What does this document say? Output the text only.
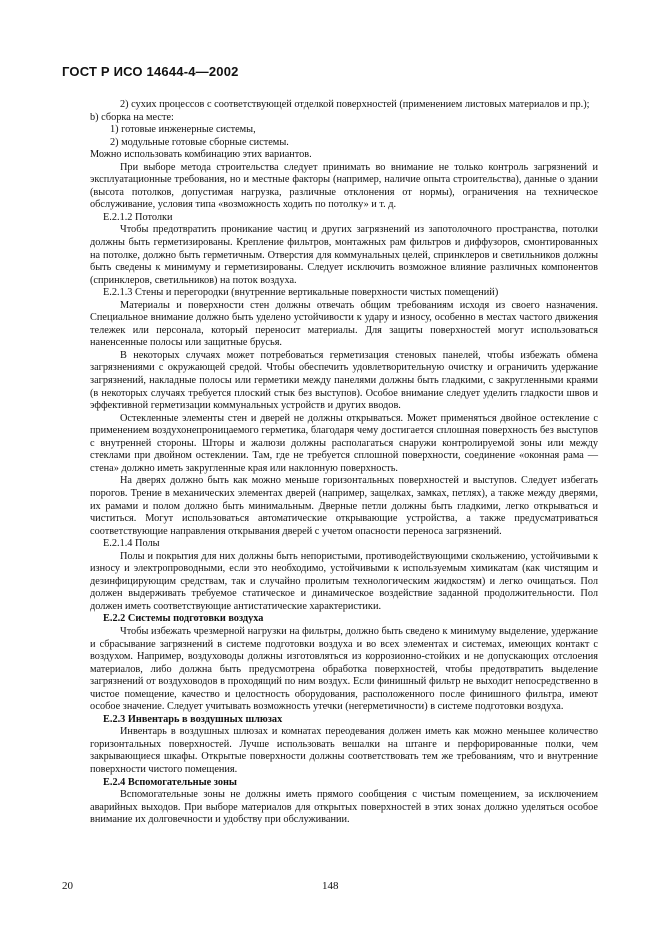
ГОСТ Р ИСО 14644-4—2002

2) сухих процессов с соответствующей отделкой поверхностей (применением листовых материалов и пр.);

b) сборка на месте:

1) готовые инженерные системы,

2) модульные готовые сборные системы.

Можно использовать комбинацию этих вариантов.

При выборе метода строительства следует принимать во внимание не только контроль загрязнений и эксплуатационные требования, но и местные факторы (например, наличие опыта строительства), данные о здании (высота потолков, допустимая нагрузка, различные отклонения от нормы), ограничения на техническое обслуживание, условия типа «возможность ходить по потолку» и т. д.

Е.2.1.2 Потолки

Чтобы предотвратить проникание частиц и других загрязнений из запотолочного пространства, потолки должны быть герметизированы. Крепление фильтров, монтажных рам фильтров и диффузоров, смонтированных на потолке, должно быть герметичным. Отверстия для коммунальных целей, спринклеров и светильников должны быть сведены к минимуму и герметизированы. Следует исключить возможное влияние различных компонентов (спринклеров, светильников) на поток воздуха.

Е.2.1.3 Стены и перегородки (внутренние вертикальные поверхности чистых помещений)

Материалы и поверхности стен должны отвечать общим требованиям исходя из своего назначения. Специальное внимание должно быть уделено устойчивости к удару и износу, особенно в местах частого движения тележек или персонала, который переносит материалы. Для защиты поверхностей могут использоваться наненсенные полосы или защитные брусья.

В некоторых случаях может потребоваться герметизация стеновых панелей, чтобы избежать обмена загрязнениями с окружающей средой. Чтобы обеспечить удовлетворительную очистку и ограничить удержание загрязнений, накладные полосы или герметики между панелями должны быть гладкими, с закругленными краями (в некоторых случаях требуется плоский стык без выступов). Особое внимание следует уделить гладкости швов и эффективной герметизации коммунальных устройств и других вводов.

Остекленные элементы стен и дверей не должны открываться. Может применяться двойное остекление с применением воздухонепроницаемого герметика, благодаря чему достигается сплошная поверхность без выступов с внутренней стороны. Шторы и жалюзи должны располагаться снаружи контролируемой зоны или между стеклами при двойном остеклении. Там, где не требуется сплошной поверхности, соединение «оконная рама — стена» должно иметь закругленные края или наклонную поверхность.

На дверях должно быть как можно меньше горизонтальных поверхностей и выступов. Следует избегать порогов. Трение в механических элементах дверей (например, защелках, замках, петлях), а также между дверями, их рамами и полом должно быть минимальным. Дверные петли должны быть гладкими, легко открываться и чиститься. Могут использоваться автоматические открывающие устройства, а также предусматриваться соответствующие направления открывания дверей с учетом опасности переноса загрязнений.

Е.2.1.4 Полы

Полы и покрытия для них должны быть непористыми, противодействующими скольжению, устойчивыми к износу и электропроводными, если это необходимо, устойчивыми к используемым химикатам (как чистящим и дезинфицирующим средствам, так и случайно пролитым технологическим жидкостям) и легко очищаться. Пол должен выдерживать требуемое статическое и динамическое воздействие заданной продолжительности. Пол должен иметь соответствующие антистатические характеристики.

Е.2.2 Системы подготовки воздуха

Чтобы избежать чрезмерной нагрузки на фильтры, должно быть сведено к минимуму выделение, удержание и сбрасывание загрязнений в системе подготовки воздуха и во всех элементах и системах, имеющих контакт с воздухом. Например, воздуховоды должны изготовляться из коррозионно-стойких и не допускающих отслоения материалов, либо должна быть предусмотрена обработка поверхностей, чтобы предотвратить выделение загрязнений от воздуховодов в проходящий по ним воздух. Если финишный фильтр не выходит непосредственно в чистое помещение, качество и целостность оборудования, расположенного после финишного фильтра, имеют особое значение. Следует учитывать возможность утечки (негерметичности) в системе подготовки воздуха.

Е.2.3 Инвентарь в воздушных шлюзах

Инвентарь в воздушных шлюзах и комнатах переодевания должен иметь как можно меньшее количество горизонтальных поверхностей. Лучше использовать вешалки на штанге и перфорированные полки, чем закрывающиеся шкафы. Открытые поверхности должны соответствовать тем же требованиям, что и внутренние поверхности чистого помещения.

Е.2.4 Вспомогательные зоны

Вспомогательные зоны не должны иметь прямого сообщения с чистым помещением, за исключением аварийных выходов. При выборе материалов для открытых поверхностей в этих зонах должно уделяться особое внимание их долговечности и удобству при обслуживании.

20	148
